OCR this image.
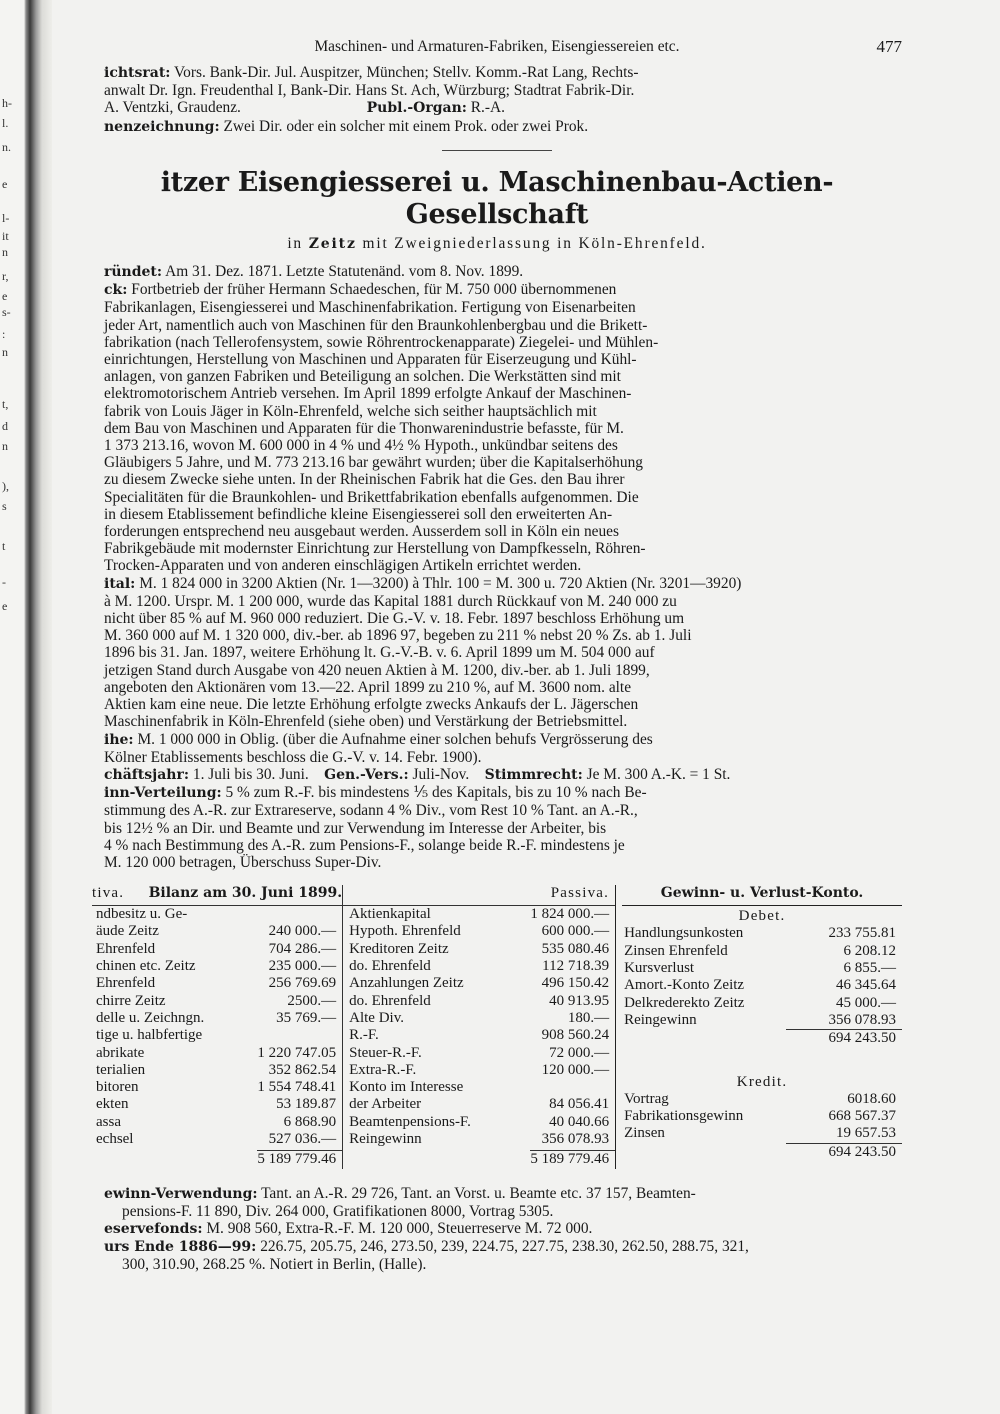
h-
l.
n.
e
l-
it
n
r,
e
s-
:
n
t,
d
n
),
s
t
-
e
Maschinen- und Armaturen-Fabriken, Eisengiessereien etc.	477

ichtsrat: Vors. Bank-Dir. Jul. Auspitzer, München; Stellv. Komm.-Rat Lang, Rechts-

anwalt Dr. Ign. Freudenthal I, Bank-Dir. Hans St. Ach, Würzburg; Stadtrat Fabrik-Dir.

A. Ventzki, Graudenz.	Publ.-Organ: R.-A.

nenzeichnung: Zwei Dir. oder ein solcher mit einem Prok. oder zwei Prok.

itzer Eisengiesserei u. Maschinenbau-Actien-Gesellschaft
in Zeitz mit Zweigniederlassung in Köln-Ehrenfeld.

ründet: Am 31. Dez. 1871. Letzte Statutenänd. vom 8. Nov. 1899.

ck: Fortbetrieb der früher Hermann Schaedeschen, für M. 750 000 übernommenen

Fabrikanlagen, Eisengiesserei und Maschinenfabrikation. Fertigung von Eisenarbeiten

jeder Art, namentlich auch von Maschinen für den Braunkohlenbergbau und die Brikett-

fabrikation (nach Tellerofensystem, sowie Röhrentrockenapparate) Ziegelei- und Mühlen-

einrichtungen, Herstellung von Maschinen und Apparaten für Eiserzeugung und Kühl-

anlagen, von ganzen Fabriken und Beteiligung an solchen. Die Werkstätten sind mit

elektromotorischem Antrieb versehen. Im April 1899 erfolgte Ankauf der Maschinen-

fabrik von Louis Jäger in Köln-Ehrenfeld, welche sich seither hauptsächlich mit

dem Bau von Maschinen und Apparaten für die Thonwarenindustrie befasste, für M.

1 373 213.16, wovon M. 600 000 in 4 % und 4½ % Hypoth., unkündbar seitens des

Gläubigers 5 Jahre, und M. 773 213.16 bar gewährt wurden; über die Kapitalserhöhung

zu diesem Zwecke siehe unten. In der Rheinischen Fabrik hat die Ges. den Bau ihrer

Specialitäten für die Braunkohlen- und Brikettfabrikation ebenfalls aufgenommen. Die

in diesem Etablissement befindliche kleine Eisengiesserei soll den erweiterten An-

forderungen entsprechend neu ausgebaut werden. Ausserdem soll in Köln ein neues

Fabrikgebäude mit modernster Einrichtung zur Herstellung von Dampfkesseln, Röhren-

Trocken-Apparaten und von anderen einschlägigen Artikeln errichtet werden.

ital: M. 1 824 000 in 3200 Aktien (Nr. 1—3200) à Thlr. 100 = M. 300 u. 720 Aktien (Nr. 3201—3920)

à M. 1200. Urspr. M. 1 200 000, wurde das Kapital 1881 durch Rückkauf von M. 240 000 zu

nicht über 85 % auf M. 960 000 reduziert. Die G.-V. v. 18. Febr. 1897 beschloss Erhöhung um

M. 360 000 auf M. 1 320 000, div.-ber. ab 1896 97, begeben zu 211 % nebst 20 % Zs. ab 1. Juli

1896 bis 31. Jan. 1897, weitere Erhöhung lt. G.-V.-B. v. 6. April 1899 um M. 504 000 auf

jetzigen Stand durch Ausgabe von 420 neuen Aktien à M. 1200, div.-ber. ab 1. Juli 1899,

angeboten den Aktionären vom 13.—22. April 1899 zu 210 %, auf M. 3600 nom. alte

Aktien kam eine neue. Die letzte Erhöhung erfolgte zwecks Ankaufs der L. Jägerschen

Maschinenfabrik in Köln-Ehrenfeld (siehe oben) und Verstärkung der Betriebsmittel.

ihe: M. 1 000 000 in Oblig. (über die Aufnahme einer solchen behufs Vergrösserung des

Kölner Etablissements beschloss die G.-V. v. 14. Febr. 1900).

chäftsjahr: 1. Juli bis 30. Juni. Gen.-Vers.: Juli-Nov. Stimmrecht: Je M. 300 A.-K. = 1 St.

inn-Verteilung: 5 % zum R.-F. bis mindestens ⅕ des Kapitals, bis zu 10 % nach Be-

stimmung des A.-R. zur Extrareserve, sodann 4 % Div., vom Rest 10 % Tant. an A.-R.,

bis 12½ % an Dir. und Beamte und zur Verwendung im Interesse der Arbeiter, bis

4 % nach Bestimmung des A.-R. zum Pensions-F., solange beide R.-F. mindestens je

M. 120 000 betragen, Überschuss Super-Div.

tiva. Bilanz am 30. Juni 1899.
ndbesitz u. Ge-
äude Zeitz	240 000.—
Ehrenfeld	704 286.—
chinen etc. Zeitz	235 000.—
Ehrenfeld	256 769.69
chirre Zeitz	2500.—
delle u. Zeichngn.	35 769.—
tige u. halbfertige
abrikate	1 220 747.05
terialien	352 862.54
bitoren	1 554 748.41
ekten	53 189.87
assa	6 868.90
echsel	527 036.—
5 189 779.46
Passiva.
Aktienkapital	1 824 000.—
Hypoth. Ehrenfeld	600 000.—
Kreditoren Zeitz	535 080.46
do. Ehrenfeld	112 718.39
Anzahlungen Zeitz	496 150.42
do. Ehrenfeld	40 913.95
Alte Div.	180.—
R.-F.	908 560.24
Steuer-R.-F.	72 000.—
Extra-R.-F.	120 000.—
Konto im Interesse
der Arbeiter	84 056.41
Beamtenpensions-F.	40 040.66
Reingewinn	356 078.93
5 189 779.46
Gewinn- u. Verlust-Konto.
Debet.
Handlungsunkosten	233 755.81
Zinsen Ehrenfeld	6 208.12
Kursverlust	6 855.—
Amort.-Konto Zeitz	46 345.64
Delkrederekto Zeitz	45 000.—
Reingewinn	356 078.93
694 243.50
Kredit.
Vortrag	6018.60
Fabrikationsgewinn	668 567.37
Zinsen	19 657.53
694 243.50

ewinn-Verwendung: Tant. an A.-R. 29 726, Tant. an Vorst. u. Beamte etc. 37 157, Beamten-

pensions-F. 11 890, Div. 264 000, Gratifikationen 8000, Vortrag 5305.

eservefonds: M. 908 560, Extra-R.-F. M. 120 000, Steuerreserve M. 72 000.

urs Ende 1886—99: 226.75, 205.75, 246, 273.50, 239, 224.75, 227.75, 238.30, 262.50, 288.75, 321,

300, 310.90, 268.25 %. Notiert in Berlin, (Halle).
